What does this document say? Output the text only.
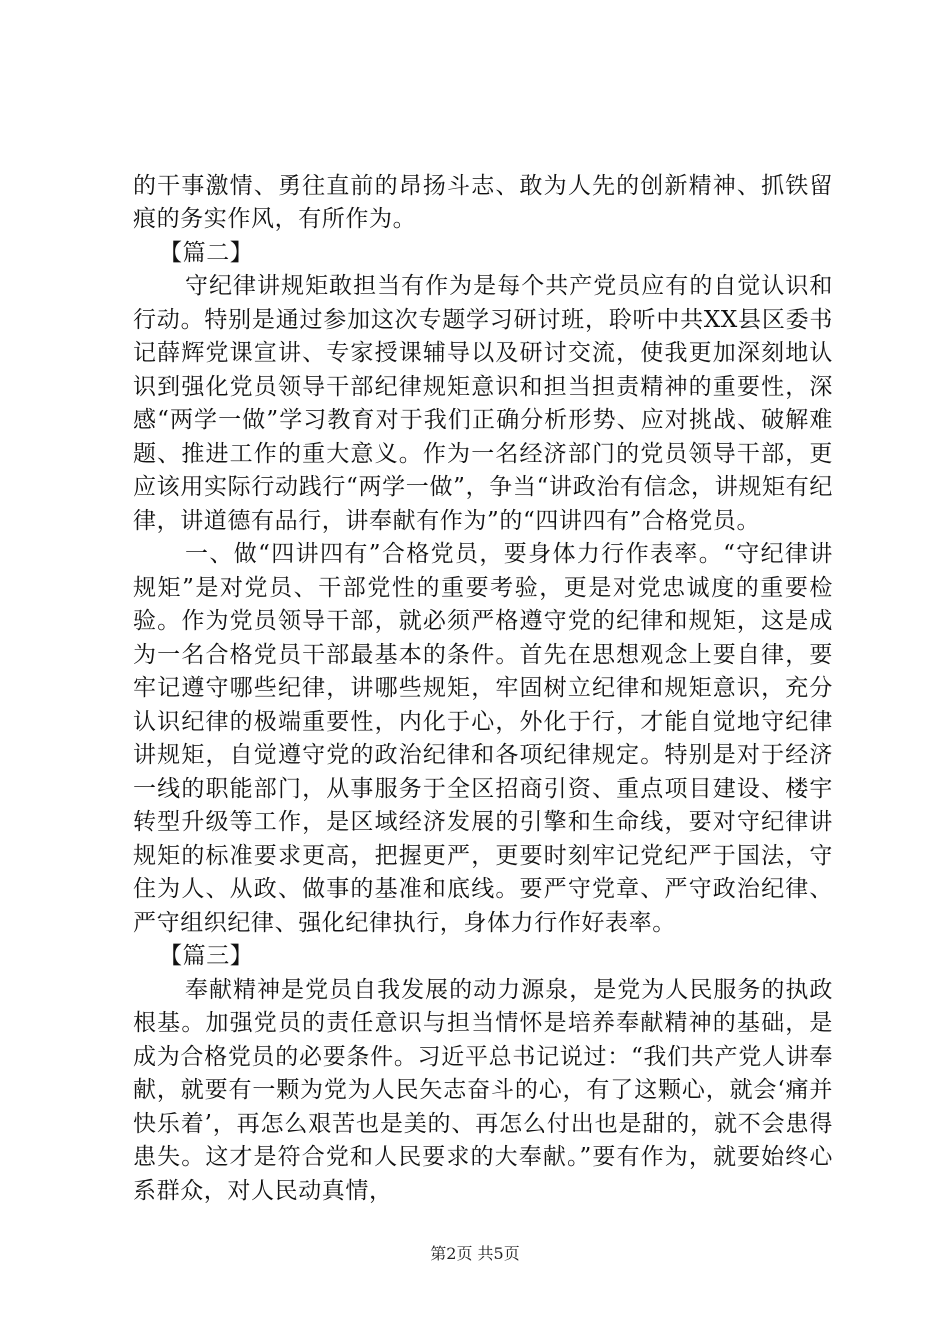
的干事激情、勇往直前的昂扬斗志、敢为人先的创新精神、抓铁留痕的务实作风，有所作为。

【篇二】

守纪律讲规矩敢担当有作为是每个共产党员应有的自觉认识和行动。特别是通过参加这次专题学习研讨班，聆听中共XX县区委书记薛辉党课宣讲、专家授课辅导以及研讨交流，使我更加深刻地认识到强化党员领导干部纪律规矩意识和担当担责精神的重要性，深感“两学一做”学习教育对于我们正确分析形势、应对挑战、破解难题、推进工作的重大意义。作为一名经济部门的党员领导干部，更应该用实际行动践行“两学一做”，争当“讲政治有信念，讲规矩有纪律，讲道德有品行，讲奉献有作为”的“四讲四有”合格党员。

一、做“四讲四有”合格党员，要身体力行作表率。“守纪律讲规矩”是对党员、干部党性的重要考验，更是对党忠诚度的重要检验。作为党员领导干部，就必须严格遵守党的纪律和规矩，这是成为一名合格党员干部最基本的条件。首先在思想观念上要自律，要牢记遵守哪些纪律，讲哪些规矩，牢固树立纪律和规矩意识，充分认识纪律的极端重要性，内化于心，外化于行，才能自觉地守纪律讲规矩，自觉遵守党的政治纪律和各项纪律规定。特别是对于经济一线的职能部门，从事服务于全区招商引资、重点项目建设、楼宇转型升级等工作，是区域经济发展的引擎和生命线，要对守纪律讲规矩的标准要求更高，把握更严，更要时刻牢记党纪严于国法，守住为人、从政、做事的基准和底线。要严守党章、严守政治纪律、严守组织纪律、强化纪律执行，身体力行作好表率。

【篇三】

奉献精神是党员自我发展的动力源泉，是党为人民服务的执政根基。加强党员的责任意识与担当情怀是培养奉献精神的基础，是成为合格党员的必要条件。习近平总书记说过：“我们共产党人讲奉献，就要有一颗为党为人民矢志奋斗的心，有了这颗心，就会‘痛并快乐着’，再怎么艰苦也是美的、再怎么付出也是甜的，就不会患得患失。这才是符合党和人民要求的大奉献。”要有作为，就要始终心系群众，对人民动真情，

第2页 共5页
